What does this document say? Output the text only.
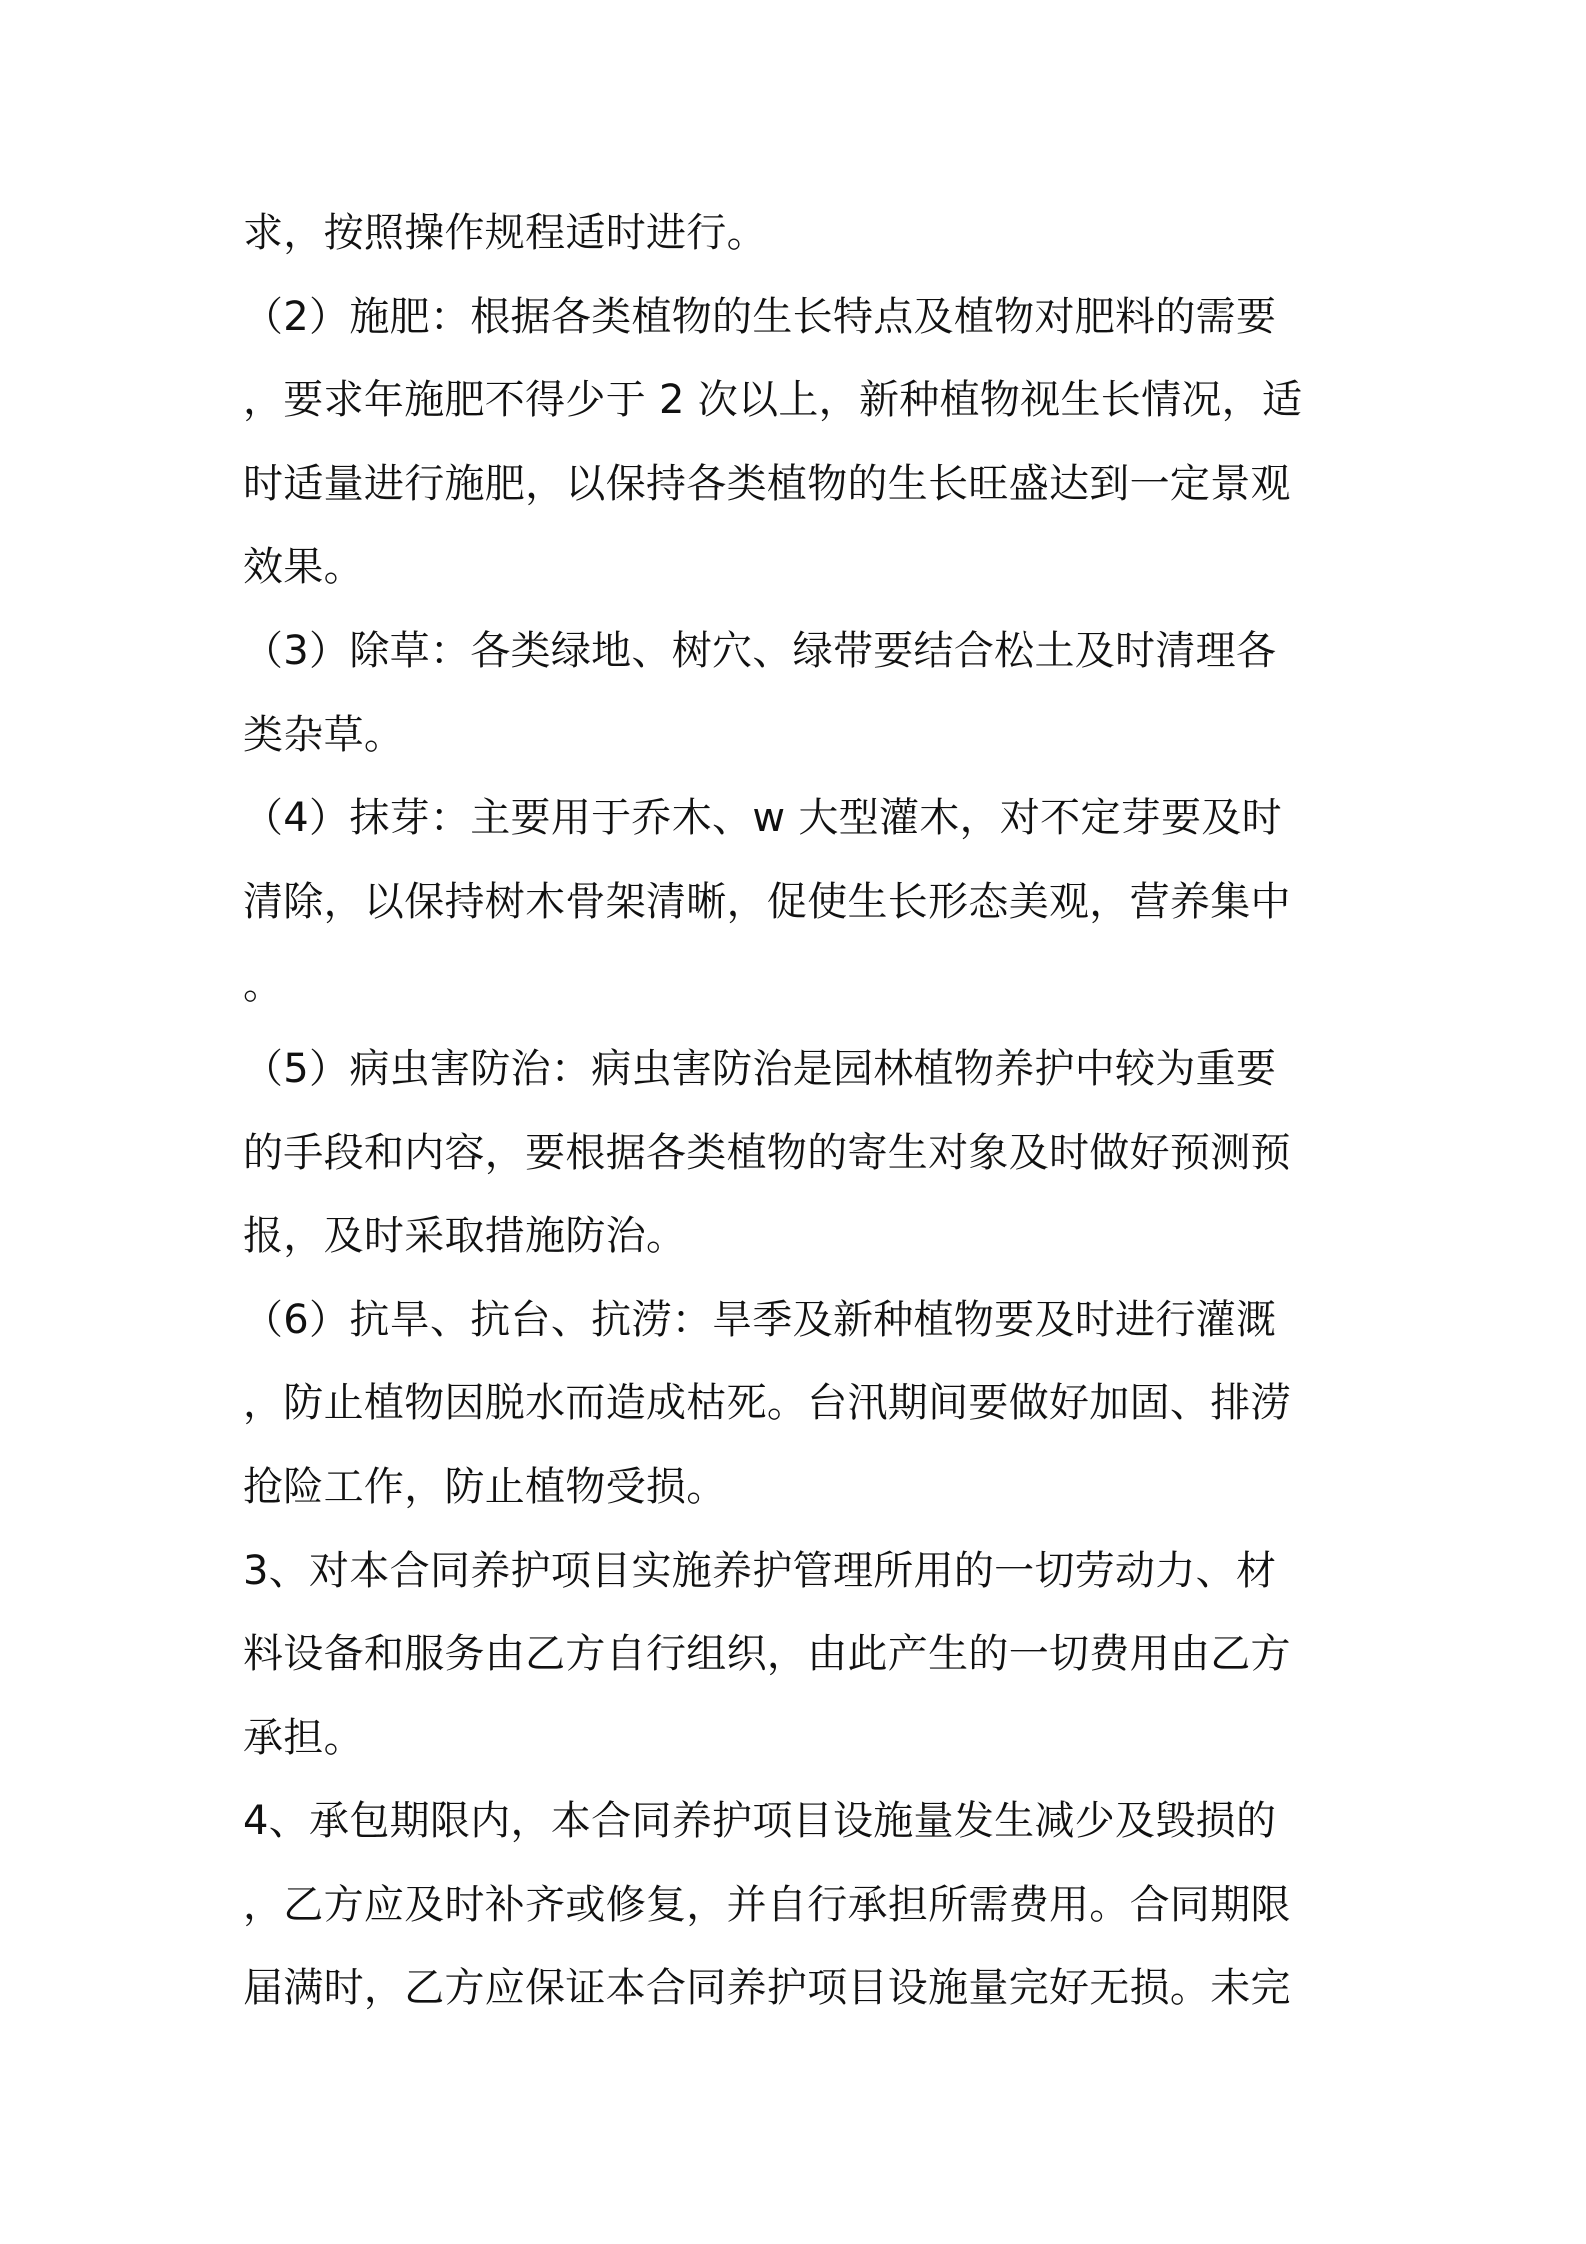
求，按照操作规程适时进行。
（2）施肥：根据各类植物的生长特点及植物对肥料的需要
，要求年施肥不得少于 2 次以上，新种植物视生长情况，适
时适量进行施肥，以保持各类植物的生长旺盛达到一定景观
效果。
（3）除草：各类绿地、树穴、绿带要结合松土及时清理各
类杂草。
（4）抹芽：主要用于乔木、w 大型灌木，对不定芽要及时
清除，以保持树木骨架清晰，促使生长形态美观，营养集中
。
（5）病虫害防治：病虫害防治是园林植物养护中较为重要
的手段和内容，要根据各类植物的寄生对象及时做好预测预
报，及时采取措施防治。
（6）抗旱、抗台、抗涝：旱季及新种植物要及时进行灌溉
，防止植物因脱水而造成枯死。台汛期间要做好加固、排涝
抢险工作，防止植物受损。
3、对本合同养护项目实施养护管理所用的一切劳动力、材
料设备和服务由乙方自行组织，由此产生的一切费用由乙方
承担。
4、承包期限内，本合同养护项目设施量发生减少及毁损的
，乙方应及时补齐或修复，并自行承担所需费用。合同期限
届满时，乙方应保证本合同养护项目设施量完好无损。未完
